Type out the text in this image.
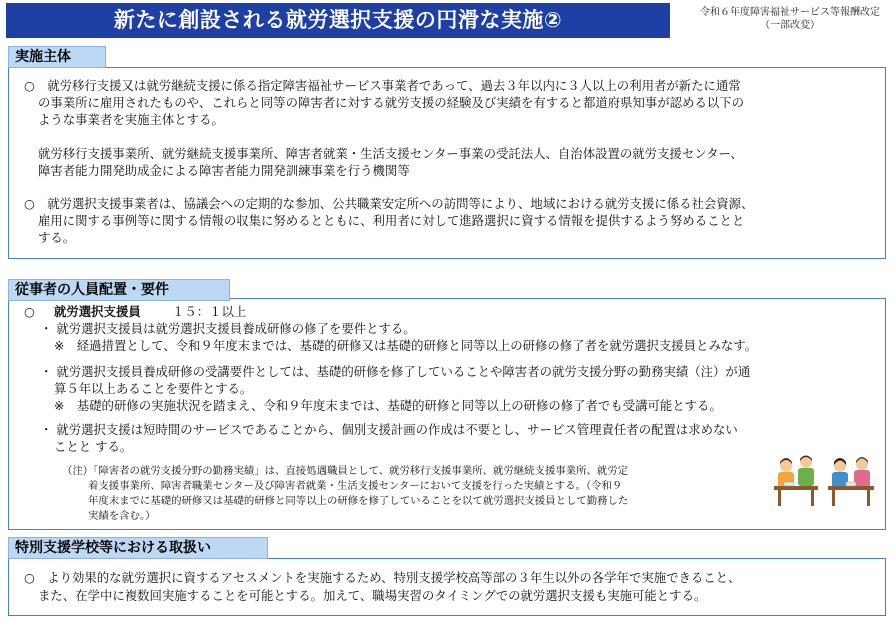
新たに創設される就労選択支援の円滑な実施②	令和６年度障害福祉サービス等報酬改定
（一部改変）
実施主体
○　就労移行支援又は就労継続支援に係る指定障害福祉サービス事業者であって、過去３年以内に３人以上の利用者が新たに通常
の事業所に雇用されたものや、これらと同等の障害者に対する就労支援の経験及び実績を有すると都道府県知事が認める以下の
ような事業者を実施主体とする。
就労移行支援事業所、就労継続支援事業所、障害者就業・生活支援センター事業の受託法人、自治体設置の就労支援センター、
障害者能力開発助成金による障害者能力開発訓練事業を行う機関等
○　就労選択支援事業者は、協議会への定期的な参加、公共職業安定所への訪問等により、地域における就労支援に係る社会資源、
雇用に関する事例等に関する情報の収集に努めるとともに、利用者に対して進路選択に資する情報を提供するよう努めることと
する。
従事者の人員配置・要件
○ 就労選択支援員	１５：１以上
・ 就労選択支援員は就労選択支援員養成研修の修了を要件とする。
※　経過措置として、令和９年度末までは、基礎的研修又は基礎的研修と同等以上の研修の修了者を就労選択支援員とみなす。
・ 就労選択支援員養成研修の受講要件としては、基礎的研修を修了していることや障害者の就労支援分野の勤務実績（注）が通
算５年以上あることを要件とする。
※　基礎的研修の実施状況を踏まえ、令和９年度末までは、基礎的研修と同等以上の研修の修了者でも受講可能とする。
・ 就労選択支援は短時間のサービスであることから、個別支援計画の作成は不要とし、サービス管理責任者の配置は求めない
ことと する。
（注）「障害者の就労支援分野の勤務実績」は、直接処遇職員として、就労移行支援事業所、就労継続支援事業所、就労定
着支援事業所、障害者職業センター及び障害者就業・生活支援センターにおいて支援を行った実績とする。（令和９
年度末までに基礎的研修又は基礎的研修と同等以上の研修を修了していることを以て就労選択支援員として勤務した
実績を含む。）
特別支援学校等における取扱い
○　より効果的な就労選択に資するアセスメントを実施するため、特別支援学校高等部の３年生以外の各学年で実施できること、
また、在学中に複数回実施することを可能とする。加えて、職場実習のタイミングでの就労選択支援も実施可能とする。
